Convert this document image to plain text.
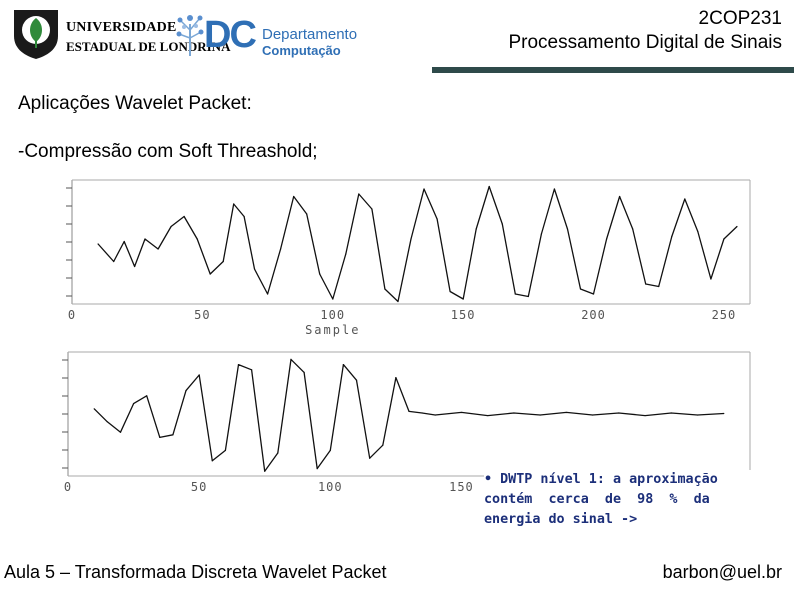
UNIVERSIDADE
ESTADUAL DE LONDRINA
DC Departamento
Computação
2COP231
Processamento Digital de Sinais
Aplicações Wavelet Packet:
-Compressão com Soft Threashold;
0	50	100	150	200	250
Sample
0	50	100	150 • DWTP nível 1: a aproximação
contém  cerca  de  98  %  da
energia do sinal ->
Aula 5 – Transformada Discreta Wavelet Packet	barbon@uel.br
